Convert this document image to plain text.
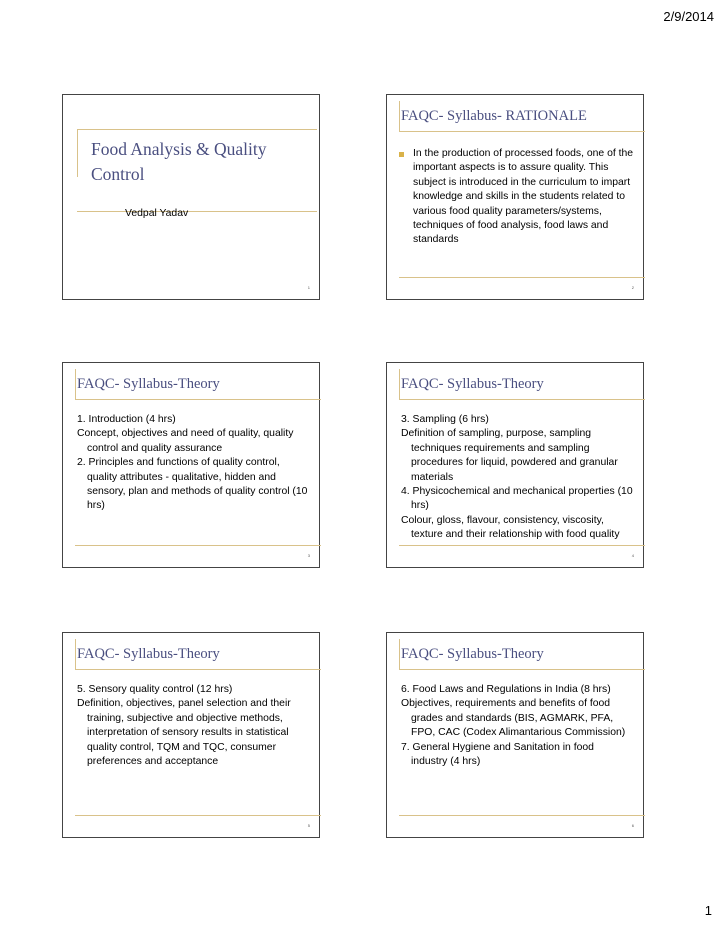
2/9/2014
Food Analysis & Quality Control
Vedpal Yadav
1
FAQC- Syllabus- RATIONALE
In the production of processed foods, one of the important aspects is to assure quality. This subject is introduced in the curriculum to impart knowledge and skills in the students related to various food quality parameters/systems, techniques of food analysis, food laws and standards
2
FAQC- Syllabus-Theory

1. Introduction (4 hrs)

Concept, objectives and need of quality, quality control and quality assurance

2. Principles and functions of quality control, quality attributes - qualitative, hidden and sensory, plan and methods of quality control (10 hrs)

3
FAQC- Syllabus-Theory

3. Sampling (6 hrs)

Definition of sampling, purpose, sampling techniques requirements and sampling procedures for liquid, powdered and granular materials

4. Physicochemical and mechanical properties (10 hrs)

Colour, gloss, flavour, consistency, viscosity, texture and their relationship with food quality

4
FAQC- Syllabus-Theory

5. Sensory quality control (12 hrs)

Definition, objectives, panel selection and their training, subjective and objective methods, interpretation of sensory results in statistical quality control, TQM and TQC, consumer preferences and acceptance

5
FAQC- Syllabus-Theory

6. Food Laws and Regulations in India (8 hrs)

Objectives, requirements and benefits of food grades and standards (BIS, AGMARK, PFA, FPO, CAC (Codex Alimantarious Commission)

7. General Hygiene and Sanitation in food industry (4 hrs)

6
1
